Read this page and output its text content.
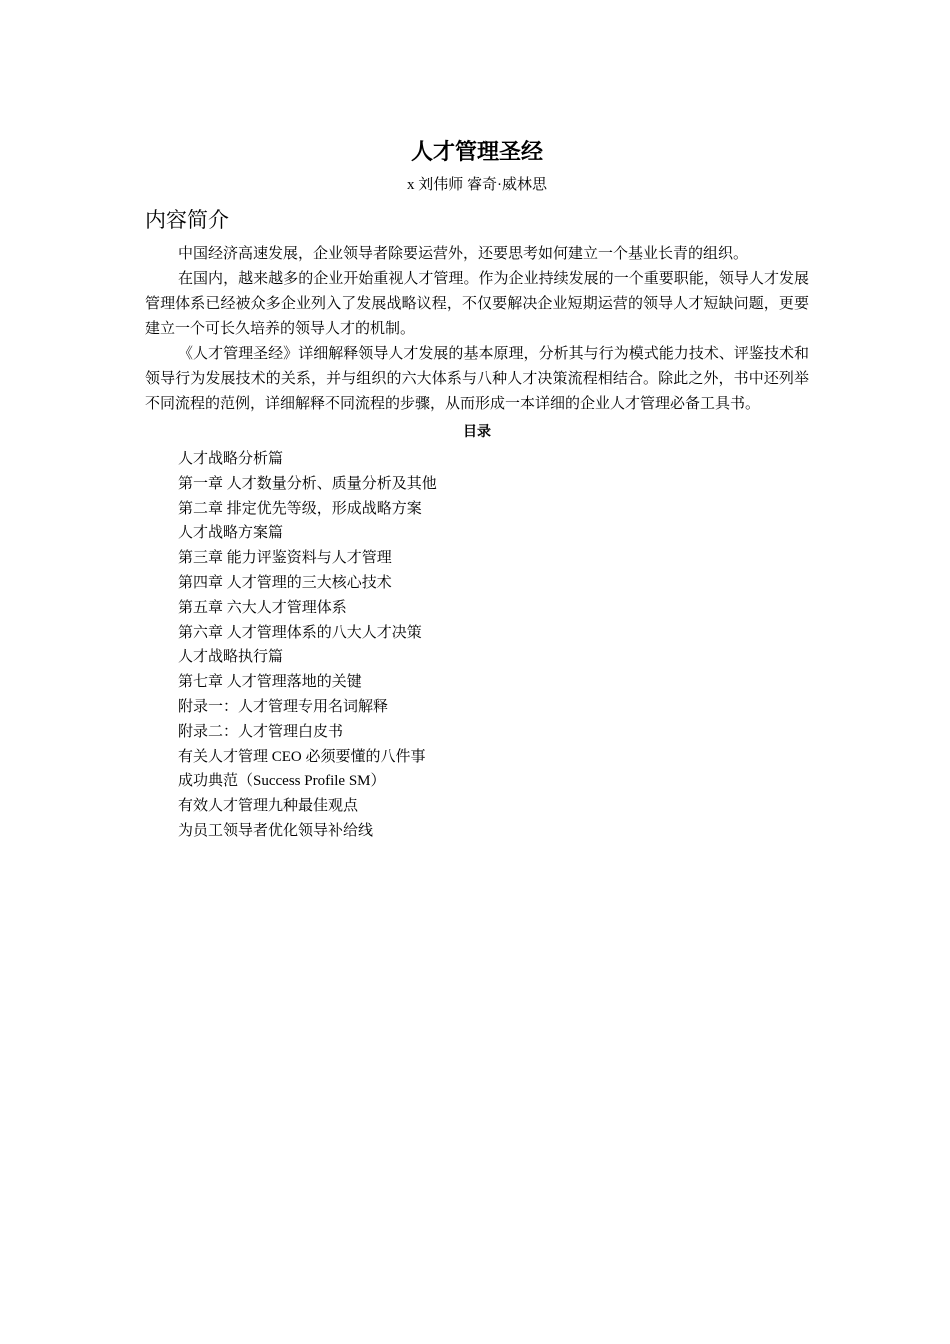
人才管理圣经

x 刘伟师 睿奇·威林思

内容简介

中国经济高速发展，企业领导者除要运营外，还要思考如何建立一个基业长青的组织。

在国内，越来越多的企业开始重视人才管理。作为企业持续发展的一个重要职能，领导人才发展管理体系已经被众多企业列入了发展战略议程，不仅要解决企业短期运营的领导人才短缺问题，更要建立一个可长久培养的领导人才的机制。

《人才管理圣经》详细解释领导人才发展的基本原理，分析其与行为模式能力技术、评鉴技术和领导行为发展技术的关系，并与组织的六大体系与八种人才决策流程相结合。除此之外，书中还列举不同流程的范例，详细解释不同流程的步骤，从而形成一本详细的企业人才管理必备工具书。

目录
人才战略分析篇
第一章 人才数量分析、质量分析及其他
第二章 排定优先等级，形成战略方案
人才战略方案篇
第三章 能力评鉴资料与人才管理
第四章 人才管理的三大核心技术
第五章 六大人才管理体系
第六章 人才管理体系的八大人才决策
人才战略执行篇
第七章 人才管理落地的关键
附录一：人才管理专用名词解释
附录二：人才管理白皮书
有关人才管理 CEO 必须要懂的八件事
成功典范（Success Profile SM）
有效人才管理九种最佳观点
为员工领导者优化领导补给线
